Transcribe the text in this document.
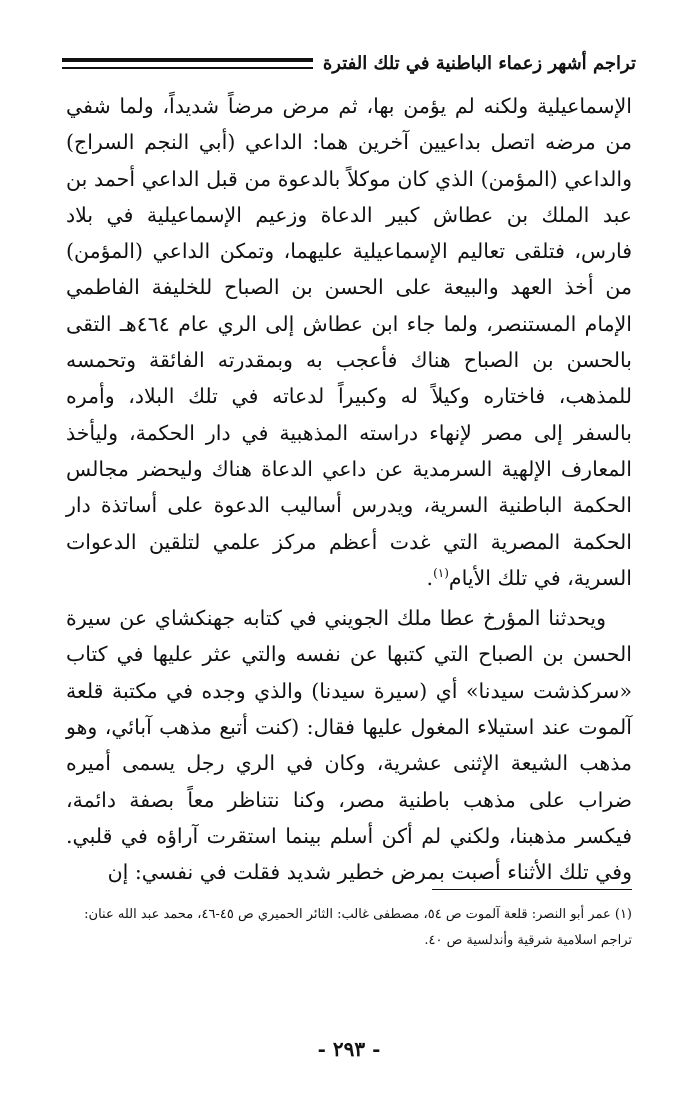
تراجم أشهر زعماء الباطنية في تلك الفترة

الإسماعيلية ولكنه لم يؤمن بها، ثم مرض مرضاً شديداً، ولما شفي من مرضه اتصل بداعيين آخرين هما: الداعي (أبي النجم السراج) والداعي (المؤمن) الذي كان موكلاً بالدعوة من قبل الداعي أحمد بن عبد الملك بن عطاش كبير الدعاة وزعيم الإسماعيلية في بلاد فارس، فتلقى تعاليم الإسماعيلية عليهما، وتمكن الداعي (المؤمن) من أخذ العهد والبيعة على الحسن بن الصباح للخليفة الفاطمي الإمام المستنصر، ولما جاء ابن عطاش إلى الري عام ٤٦٤هـ التقى بالحسن بن الصباح هناك فأعجب به وبمقدرته الفائقة وتحمسه للمذهب، فاختاره وكيلاً له وكبيراً لدعاته في تلك البلاد، وأمره بالسفر إلى مصر لإنهاء دراسته المذهبية في دار الحكمة، وليأخذ المعارف الإلهية السرمدية عن داعي الدعاة هناك وليحضر مجالس الحكمة الباطنية السرية، ويدرس أساليب الدعوة على أساتذة دار الحكمة المصرية التي غدت أعظم مركز علمي لتلقين الدعوات السرية، في تلك الأيام$^{(١)}$.

ويحدثنا المؤرخ عطا ملك الجويني في كتابه جهنكشاي عن سيرة الحسن بن الصباح التي كتبها عن نفسه والتي عثر عليها في كتاب «سركذشت سيدنا» أي (سيرة سيدنا) والذي وجده في مكتبة قلعة آلموت عند استيلاء المغول عليها فقال: (كنت أتبع مذهب آبائي، وهو مذهب الشيعة الإثنى عشرية، وكان في الري رجل يسمى أميره ضراب على مذهب باطنية مصر، وكنا نتناظر معاً بصفة دائمة، فيكسر مذهبنا، ولكني لم أكن أسلم بينما استقرت آراؤه في قلبي. وفي تلك الأثناء أصبت بمرض خطير شديد فقلت في نفسي: إن

(١) عمر أبو النصر: قلعة آلموت ص ٥٤، مصطفى غالب: الثائر الحميري ص ٤٥-٤٦، محمد عبد الله عنان:

تراجم اسلامية شرقية وأندلسية ص ٤٠.

- ٢٩٣ -
